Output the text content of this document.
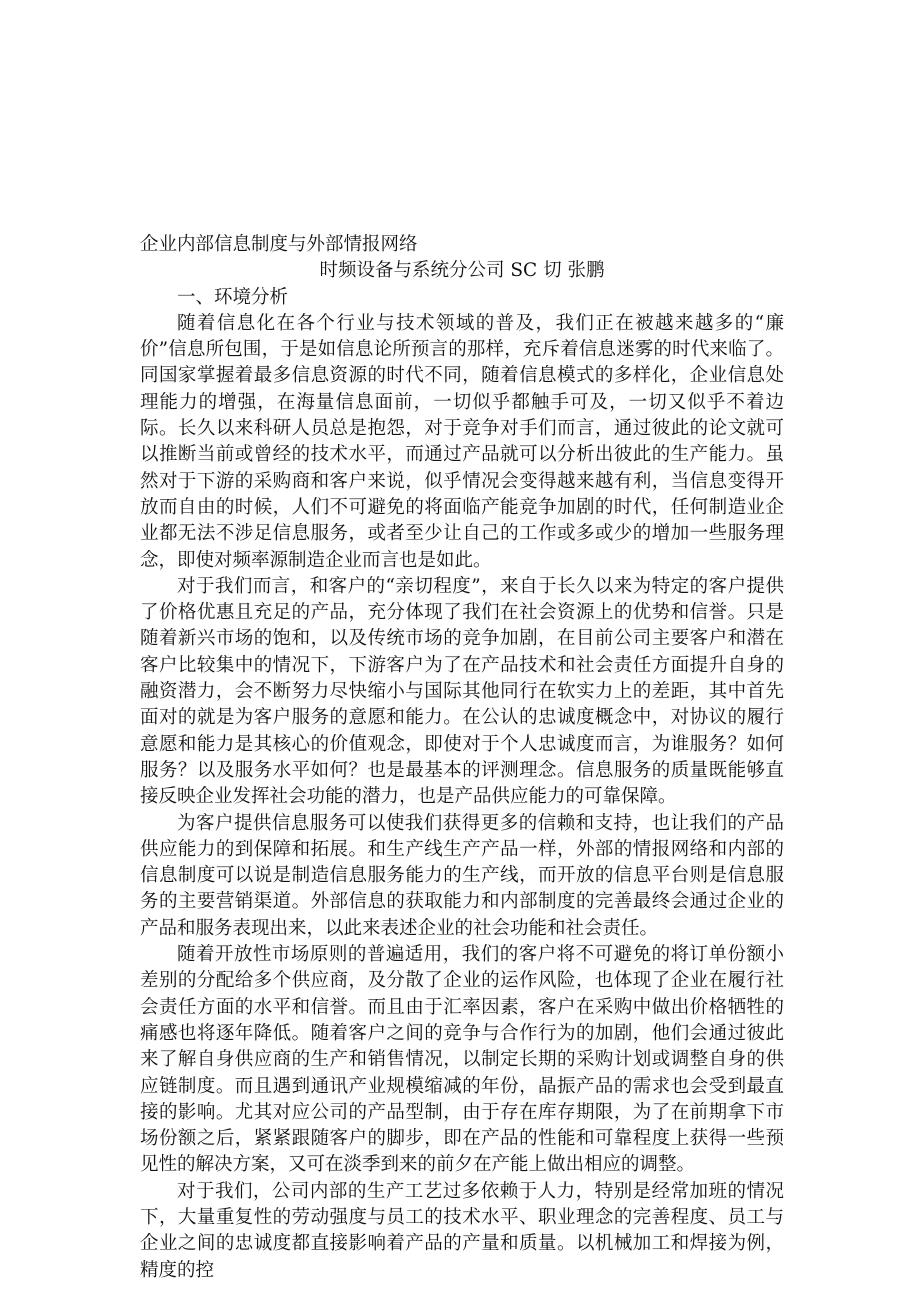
企业内部信息制度与外部情报网络

时频设备与系统分公司 SC 切 张鹏

一、环境分析

随着信息化在各个行业与技术领域的普及，我们正在被越来越多的“廉价”信息所包围，于是如信息论所预言的那样，充斥着信息迷雾的时代来临了。同国家掌握着最多信息资源的时代不同，随着信息模式的多样化，企业信息处理能力的增强，在海量信息面前，一切似乎都触手可及，一切又似乎不着边际。长久以来科研人员总是抱怨，对于竞争对手们而言，通过彼此的论文就可以推断当前或曾经的技术水平，而通过产品就可以分析出彼此的生产能力。虽然对于下游的采购商和客户来说，似乎情况会变得越来越有利，当信息变得开放而自由的时候，人们不可避免的将面临产能竞争加剧的时代，任何制造业企业都无法不涉足信息服务，或者至少让自己的工作或多或少的增加一些服务理念，即使对频率源制造企业而言也是如此。

对于我们而言，和客户的“亲切程度”，来自于长久以来为特定的客户提供了价格优惠且充足的产品，充分体现了我们在社会资源上的优势和信誉。只是随着新兴市场的饱和，以及传统市场的竞争加剧，在目前公司主要客户和潜在客户比较集中的情况下，下游客户为了在产品技术和社会责任方面提升自身的融资潜力，会不断努力尽快缩小与国际其他同行在软实力上的差距，其中首先面对的就是为客户服务的意愿和能力。在公认的忠诚度概念中，对协议的履行意愿和能力是其核心的价值观念，即使对于个人忠诚度而言，为谁服务？如何服务？以及服务水平如何？也是最基本的评测理念。信息服务的质量既能够直接反映企业发挥社会功能的潜力，也是产品供应能力的可靠保障。

为客户提供信息服务可以使我们获得更多的信赖和支持，也让我们的产品供应能力的到保障和拓展。和生产线生产产品一样，外部的情报网络和内部的信息制度可以说是制造信息服务能力的生产线，而开放的信息平台则是信息服务的主要营销渠道。外部信息的获取能力和内部制度的完善最终会通过企业的产品和服务表现出来，以此来表述企业的社会功能和社会责任。

随着开放性市场原则的普遍适用，我们的客户将不可避免的将订单份额小差别的分配给多个供应商，及分散了企业的运作风险，也体现了企业在履行社会责任方面的水平和信誉。而且由于汇率因素，客户在采购中做出价格牺牲的痛感也将逐年降低。随着客户之间的竞争与合作行为的加剧，他们会通过彼此来了解自身供应商的生产和销售情况，以制定长期的采购计划或调整自身的供应链制度。而且遇到通讯产业规模缩减的年份，晶振产品的需求也会受到最直接的影响。尤其对应公司的产品型制，由于存在库存期限，为了在前期拿下市场份额之后，紧紧跟随客户的脚步，即在产品的性能和可靠程度上获得一些预见性的解决方案，又可在淡季到来的前夕在产能上做出相应的调整。

对于我们，公司内部的生产工艺过多依赖于人力，特别是经常加班的情况下，大量重复性的劳动强度与员工的技术水平、职业理念的完善程度、员工与企业之间的忠诚度都直接影响着产品的产量和质量。以机械加工和焊接为例，精度的控
